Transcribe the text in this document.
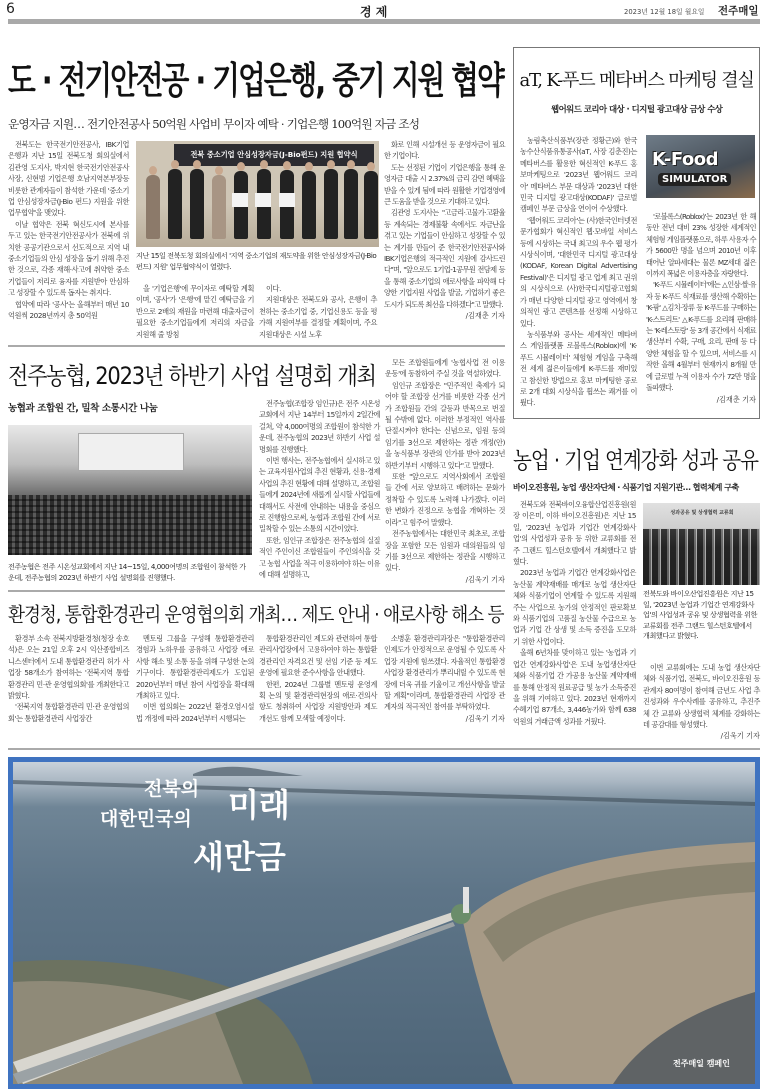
6	경 제	2023년 12월 18일 월요일 전주매일
도 · 전기안전공 · 기업은행, 중기 지원 협약
운영자금 지원… 전기안전공사 50억원 사업비 무이자 예탁 · 기업은행 100억원 자금 조성

전북도는 한국전기안전공사, IBK기업은행과 지난 15일 전북도청 회의실에서 김관영 도지사, 박지현 한국전기안전공사 사장, 신현범 기업은행 호남지역본부장등 비롯한 관계자들이 참석한 가운데 '중소기업 안심성장자금(J-Bio 펀드) 지원을 위한 업무협약'을 맺었다.

이날 협약은 전북 혁신도시에 본사를 두고 있는 한국전기안전공사가 전북에 위치한 공공기관으로서 선도적으로 지역 내 중소기업들의 안심 성장을 돕기 위해 추진한 것으로, 각종 재해·사고에 취약한 중소기업들이 저리로 융자를 지원받아 안심하고 성장할 수 있도록 돕자는 취지다.

협약에 따라 '공사'는 올해부터 매년 10억원씩 2028년까지 총 50억원

전북 중소기업 안심성장자금(J-Bio펀드) 지원 협약식
지난 15일 전북도청 회의실에서 '지역 중소기업의 재도약을 위한 안심성장자금(J-Bio 펀드) 지원' 업무협약식이 열렸다.

을 '기업은행'에 무이자로 예탁할 계획이며, '공사'가 '은행'에 맡긴 예탁금을 기반으로 2배의 재원을 마련해 대출자금이 필요한 중소기업들에게 저리의 자금을 지원해 줄 방침

이다.

지원대상은 전북도와 공사, 은행이 추천하는 중소기업 중, 기업신용도 등을 평가해 지원여부를 결정할 계획이며, 주요 지원대상은 시설 노후

화로 인해 시설개선 등 운영자금이 필요한 기업이다.

도는 선정된 기업이 기업은행을 통해 운영자금 대출 시 2.37%의 금리 감면 혜택을 받을 수 있게 됨에 따라 원활한 기업경영에 큰 도움을 받을 것으로 기대하고 있다.

김관영 도지사는 "고금리·고물가·고환율 등 계속되는 경제불황 속에서도 자금난을 겪고 있는 기업들이 안심하고 성장할 수 있는 계기를 만들어 준 한국전기안전공사와 IBK기업은행의 적극적인 지원에 감사드린다"며, "앞으로도 1기업-1공무원 전담제 등을 통해 중소기업의 애로사항을 파악해 다양한 기업지원 사업을 발굴, 기업하기 좋은 도시가 되도록 최선을 다하겠다"고 말했다.

/김재춘 기자
aT, K-푸드 메타버스 마케팅 결실
웹어워드 코리아 대상 · 디지털 광고대상 금상 수상

농림축산식품부(장관 정황근)와 한국농수산식품유통공사(aT, 사장 김춘진)는 메타버스를 활용한 혁신적인 K-푸드 홍보마케팅으로 '2023년 웹어워드 코리아' 메타버스 부문 대상과 '2023년 대한민국 디지털 광고대상(KODAF)' 글로벌 캠페인 부문 금상을 연이어 수상했다.

'웹어워드 코리아'는 (사)한국인터넷전문가협회가 혁신적인 웹·모바일 서비스 등에 시상하는 국내 최고의 우수 웹 평가 시상식이며, '대한민국 디지털 광고대상(KODAF, Korean Digital Advertising Festival)'은 디지털 광고 업계 최고 권위의 시상식으로 (사)한국디지털광고협회가 매년 다양한 디지털 광고 영역에서 창의적인 광고 콘텐츠를 선정해 시상하고 있다.

농식품부와 공사는 세계적인 메타버스 게임플랫폼 로블록스(Roblox)에 'K-푸드 시뮬레이터' 체험형 게임을 구축해 전 세계 젊은이들에게 K-푸드를 재미있고 참신한 방법으로 홍보 마케팅한 공로로 2개 대회 시상식을 휩쓰는 쾌거를 이뤘다.

K-Food
SIMULATOR

'로블록스(Roblox)'는 2023년 한 해 동안 전년 대비 23% 성장한 세계적인 체험형 게임플랫폼으로, 하루 사용자 수가 5600만 명을 넘으며 2010년 이후 태어난 알파세대는 물론 MZ세대 젊은이까지 폭넓은 이용자층을 자랑한다.

'K-푸드 시뮬레이터'에는 △인삼·쌀·유자 등 K-푸드 식재료를 생산해 수확하는 'K-팜' △김치·장류 등 K-푸드를 구매하는 'K-스트리트' △K-푸드를 요리해 판매하는 'K-레스토랑' 등 3개 공간에서 식재료 생산부터 수확, 구매, 요리, 판매 등 다양한 체험을 할 수 있으며, 서비스를 시작한 올해 4월부터 현재까지 8개월 만에 글로벌 누적 이용자 수가 72만 명을 돌파했다.

/김재춘 기자
전주농협, 2023년 하반기 사업 설명회 개최
농협과 조합원 간, 밀착 소통시간 나눔
전주농협은 전주 시온성교회에서 지난 14~15일, 4,000여명의 조합원이 참석한 가운데, 전주농협의 2023년 하반기 사업 설명회를 진행했다.

전주농협(조합장 임인규)은 전주 시온성교회에서 지난 14부터 15일까지 2일간에 걸쳐, 약 4,000여명의 조합원이 참석한 가운데, 전주농협의 2023년 하반기 사업 설명회를 진행했다.

이번 행사는, 전주농협에서 실시하고 있는 교육지원사업의 추진 현황과, 신용·경제사업의 추진 현황에 대해 설명하고, 조합원들에게 2024년에 새롭게 실시할 사업들에 대해서도 사전에 안내하는 내용을 중심으로 진행함으로써, 농협과 조합원 간에 서로 밀착할 수 있는 소통의 시간이었다.

또한, 임인규 조합장은 전주농협의 실질적인 주인이신 조합원들이 주인의식을 갖고 농협 사업을 적극 이용하여야 하는 이유에 대해 설명하고,

모든 조합원들에게 '농협사업 전 이용 운동'에 동참하여 주실 것을 역설하였다.

임인규 조합장은 "민주적인 축제가 되어야 할 조합장 선거를 비롯한 각종 선거가 조합원들 간의 갈등과 반목으로 번질 될 수밖에 없다. 이러한 부정적인 역사를 단절시켜야 한다는 신념으로, 임원 등의 임기를 3선으로 제한하는 정관 개정(안)을 농식품부 장관의 인가를 받아 2023년 하반기부터 시행하고 있다"고 말했다.

또한 "앞으로도 지역사회에서 조합원들 간에 서로 양보하고 배려하는 문화가 정착할 수 있도록 노력해 나가겠다. 이러한 변화가 진정으로 농협을 개혁하는 것이라"고 힘주어 말했다.

전주농협에서는 대한민국 최초로, 조합장을 포함한 모든 임원과 대의원들의 임기를 3선으로 제한하는 정관을 시행하고 있다.

/김욱기 기자
환경청, 통합환경관리 운영협의회 개최… 제도 안내 · 애로사항 해소 등

환경부 소속 전북지방환경청(청장 송호석)은 오는 21일 오후 2시 익산종합비즈니스센터에서 도내 통합환경관리 허가 사업장 58개소가 참여하는 '전북지역 통합환경관리 민·관 운영협의회'를 개최한다고 밝혔다.

'전북지역 통합환경관리 민·관 운영협의회'는 통합환경관리 사업장간

멘토링 그룹을 구성해 통합환경관리 경험과 노하우를 공유하고 사업장 애로사항 해소 및 소통 등을 위해 구성한 논의기구이다. 통합환경관리제도가 도입된 2020년부터 매년 참여 사업장을 확대해 개최하고 있다.

이번 협의회는 2022년 환경오염시설법 개정에 따라 2024년부터 시행되는

통합환경관리인 제도와 관련하여 통합관리사업장에서 고용하여야 하는 통합환경관리인 자격요건 및 선임 기준 등 제도 운영에 필요한 준수사항을 안내했다.

한편, 2024년 그룹별 멘토링 운영계획 논의 및 환경관리현장의 애로·건의사항도 청취하여 사업장 지원방안과 제도개선도 함께 모색할 예정이다.

소병훈 환경관리과장은 "통합환경관리인제도가 안정적으로 운영될 수 있도록 사업장 지원에 힘쓰겠다. 자율적인 통합환경사업장 환경관리가 뿌리내릴 수 있도록 현장에 더욱 귀를 기울이고 개선사항을 발굴할 계획"이라며, 통합환경관리 사업장 관계자의 적극적인 참여를 부탁하였다.

/김욱기 기자
농업 · 기업 연계강화 성과 공유
바이오진흥원, 농업 생산자단체 · 식품기업 지원기관… 협력체계 구축

전북도와 전북바이오융합산업진흥원(원장 이은미, 이하 바이오진흥원)은 지난 15일, '2023년 농업과 기업간 연계강화사업'의 사업성과 공유 등 위한 교류회를 전주 그랜드 힐스턴호텔에서 개최했다고 밝혔다.

2023년 농업과 기업간 연계강화사업은 농산물 계약재배를 매개로 농업 생산자단체와 식품기업이 연계할 수 있도록 지원해 주는 사업으로 농가의 안정적인 판로확보와 식품기업의 고품질 농산물 수급으로 농업과 기업 간 상생 및 소득 증진을 도모하기 위한 사업이다.

올해 6년차를 맞이하고 있는 '농업과 기업간 연계강화사업'은 도내 농업생산자단체와 식품기업 간 가공용 농산물 계약재배를 통해 안정적 원료공급 및 농가 소득증진을 위해 기여하고 있다. 2023년 현재까지 수혜기업 87개소, 3,446농가와 함께 638억원의 거래금액 성과를 거뒀다.

성과공유 및 상생협력 교류회
전북도와 바이오산업진흥원은 지난 15일, '2023년 농업과 기업간 연계강화사업'의 사업성과 공유 및 상생협력을 위한 교류회를 전주 그랜드 힐스턴호텔에서 개최했다고 밝혔다.

이번 교류회에는 도내 농업 생산자단체와 식품기업, 전북도, 바이오진흥원 등 관계자 80여명이 참여해 금년도 사업 추진성과와 우수사례를 공유하고, 추진주체 간 교류와 상생협력 체계를 강화하는데 공감대를 형성했다.

/김욱기 기자
전북의
대한민국의 미래
새만금
전주매일 캠페인
